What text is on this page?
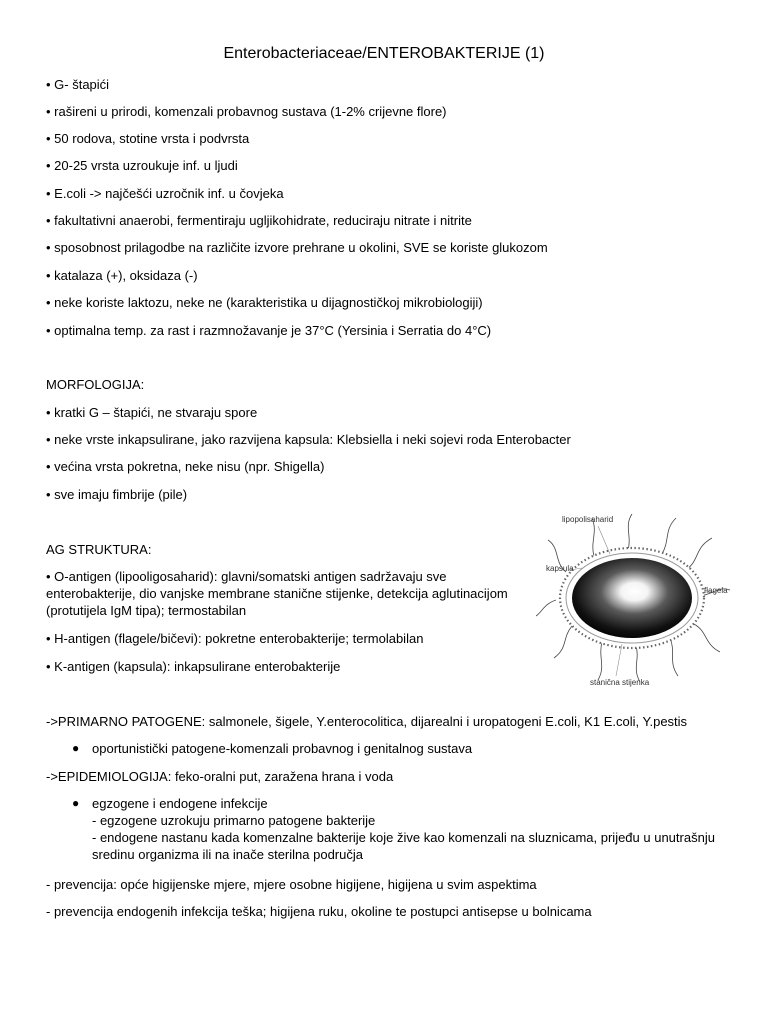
Enterobacteriaceae/ENTEROBAKTERIJE (1)
• G- štapići
• rašireni u prirodi, komenzali probavnog sustava (1-2% crijevne flore)
• 50 rodova, stotine vrsta i podvrsta
• 20-25 vrsta uzroukuje inf. u ljudi
• E.coli -> najčešći uzročnik inf. u čovjeka
• fakultativni anaerobi, fermentiraju ugljikohidrate, reduciraju nitrate i nitrite
• sposobnost prilagodbe na različite izvore prehrane u okolini, SVE se koriste glukozom
• katalaza (+), oksidaza (-)
• neke koriste laktozu, neke ne (karakteristika u dijagnostičkoj mikrobiologiji)
• optimalna temp. za rast i razmnožavanje je 37°C (Yersinia i Serratia do 4°C)
MORFOLOGIJA:
• kratki G – štapići, ne stvaraju spore
• neke vrste inkapsulirane, jako razvijena kapsula: Klebsiella i neki sojevi roda Enterobacter
• većina vrsta pokretna, neke nisu (npr. Shigella)
• sve imaju fimbrije (pile)
AG STRUKTURA:
• O-antigen (lipooligosaharid): glavni/somatski antigen sadržavaju sve
enterobakterije, dio vanjske membrane stanične stijenke, detekcija aglutinacijom
(protutijela IgM tipa); termostabilan
• H-antigen (flagele/bičevi): pokretne enterobakterije; termolabilan
• K-antigen (kapsula): inkapsulirane enterobakterije
lipopolisaharid
kapsula
flagela
stanična stijenka
->PRIMARNO PATOGENE: salmonele, šigele, Y.enterocolitica, dijarealni i uropatogeni E.coli, K1 E.coli, Y.pestis
● oportunistički patogene-komenzali probavnog i genitalnog sustava
->EPIDEMIOLOGIJA: feko-oralni put, zaražena hrana i voda
● egzogene i endogene infekcije
- egzogene uzrokuju primarno patogene bakterije
- endogene nastanu kada komenzalne bakterije koje žive kao komenzali na sluznicama, prijeđu u unutrašnju
sredinu organizma ili na inače sterilna područja
- prevencija: opće higijenske mjere, mjere osobne higijene, higijena u svim aspektima
- prevencija endogenih infekcija teška; higijena ruku, okoline te postupci antisepse u bolnicama
